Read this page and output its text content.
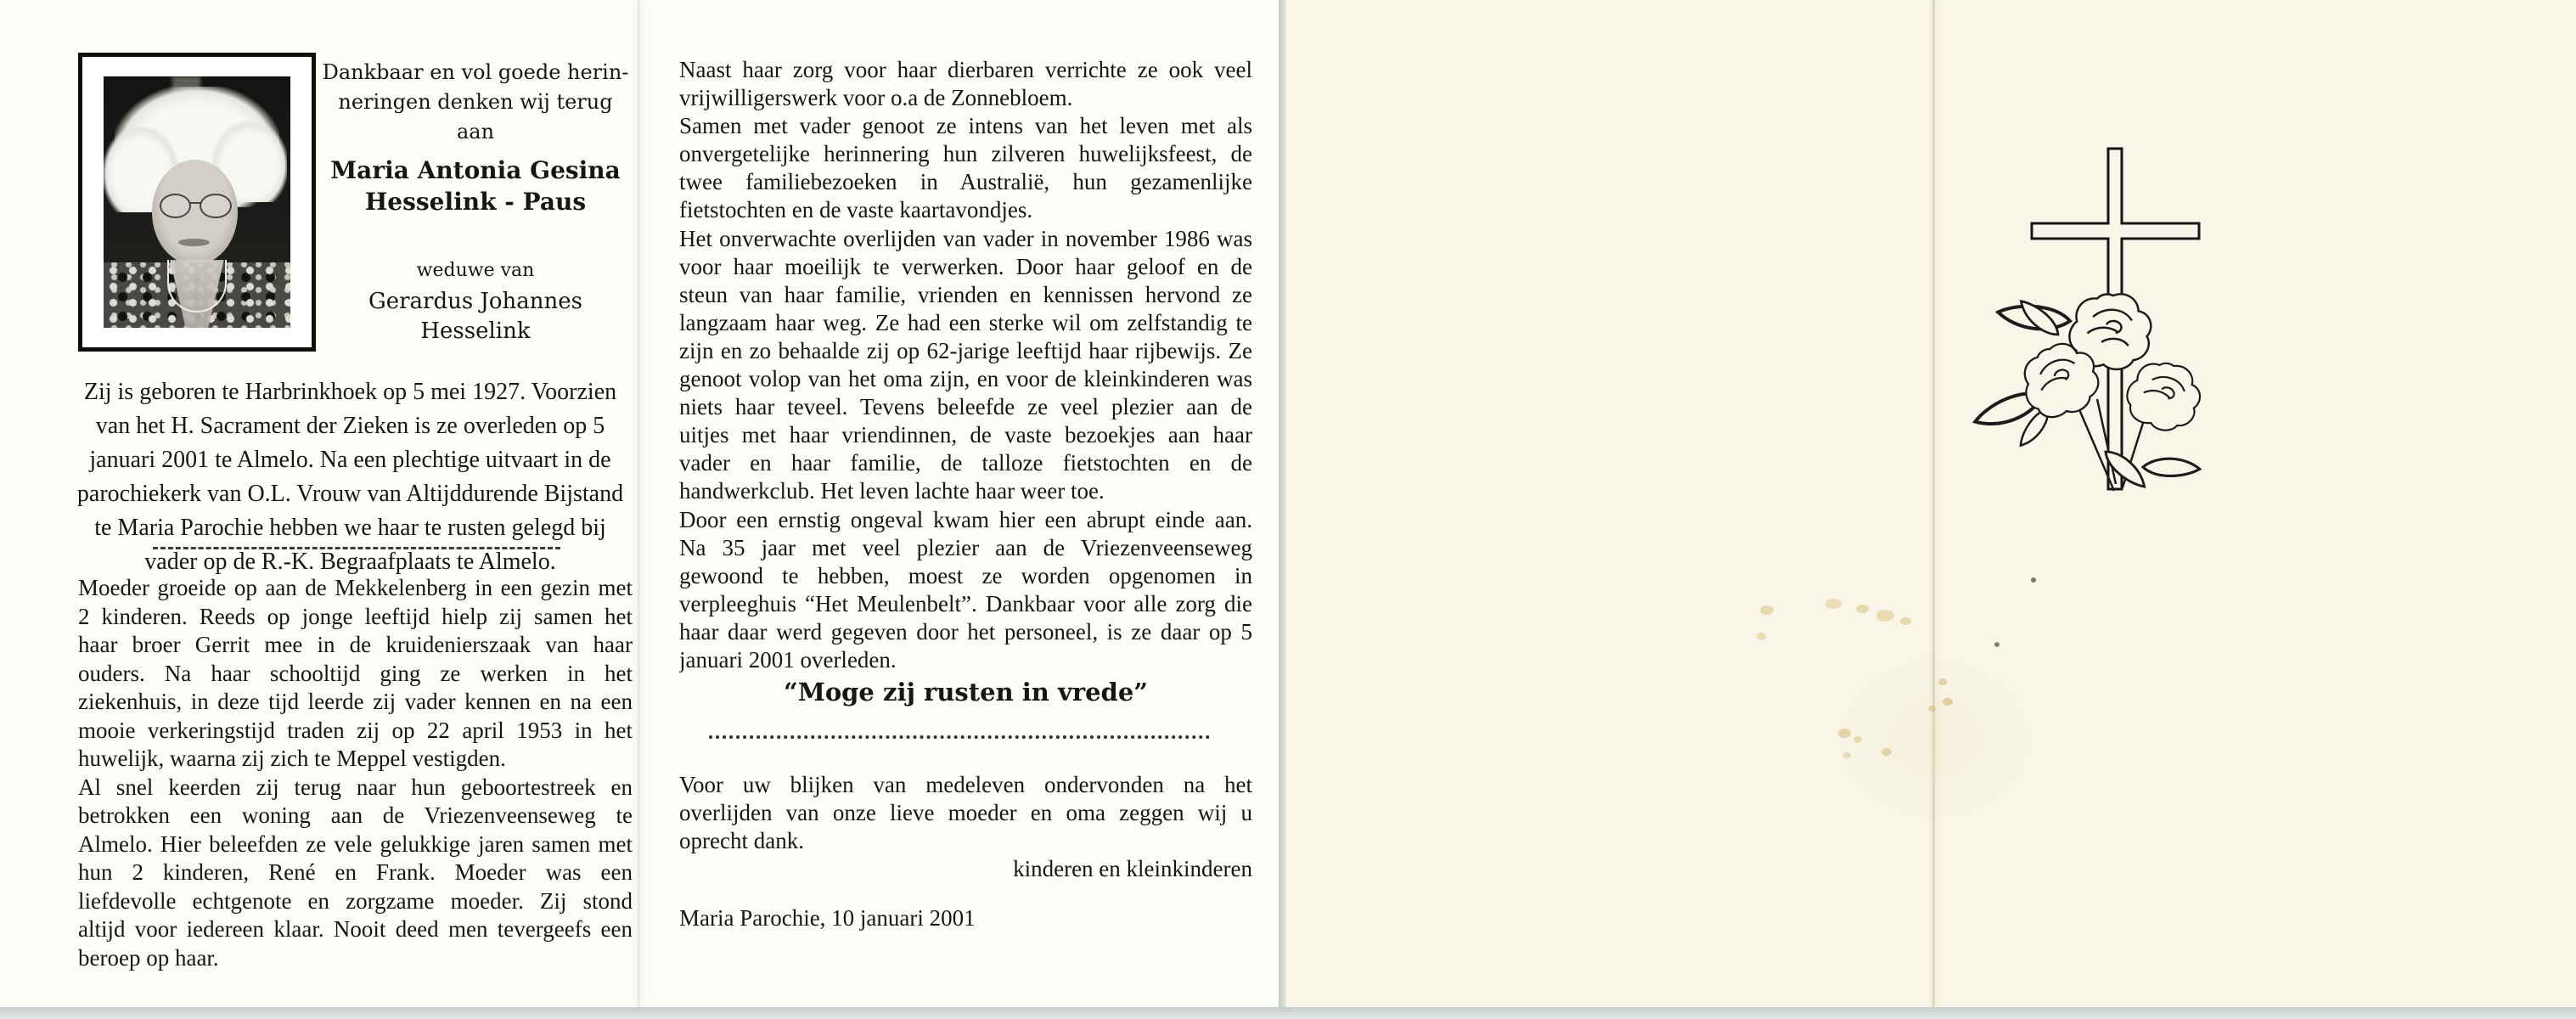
Dankbaar en vol goede herin-
neringen denken wij terug aan
Maria Antonia Gesina
Hesselink - Paus
weduwe van
Gerardus Johannes
Hesselink
Zij is geboren te Harbrinkhoek op 5 mei 1927. Voorzien
van het H. Sacrament der Zieken is ze overleden op 5
januari 2001 te Almelo. Na een plechtige uitvaart in de
parochiekerk van O.L. Vrouw van Altijddurende Bijstand
te Maria Parochie hebben we haar te rusten gelegd bij
vader op de R.-K. Begraafplaats te Almelo.
Moeder groeide op aan de Mekkelenberg in een gezin met
2 kinderen. Reeds op jonge leeftijd hielp zij samen het
haar broer Gerrit mee in de kruidenierszaak van haar
ouders. Na haar schooltijd ging ze werken in het
ziekenhuis, in deze tijd leerde zij vader kennen en na een
mooie verkeringstijd traden zij op 22 april 1953 in het
huwelijk, waarna zij zich te Meppel vestigden.
Al snel keerden zij terug naar hun geboortestreek en
betrokken een woning aan de Vriezenveenseweg te
Almelo. Hier beleefden ze vele gelukkige jaren samen met
hun 2 kinderen, René en Frank. Moeder was een
liefdevolle echtgenote en zorgzame moeder. Zij stond
altijd voor iedereen klaar. Nooit deed men tevergeefs een
beroep op haar.
Naast haar zorg voor haar dierbaren verrichte ze ook veel
vrijwilligerswerk voor o.a de Zonnebloem.
Samen met vader genoot ze intens van het leven met als
onvergetelijke herinnering hun zilveren huwelijksfeest, de
twee familiebezoeken in Australië, hun gezamenlijke
fietstochten en de vaste kaartavondjes.
Het onverwachte overlijden van vader in november 1986 was
voor haar moeilijk te verwerken. Door haar geloof en de
steun van haar familie, vrienden en kennissen hervond ze
langzaam haar weg. Ze had een sterke wil om zelfstandig te
zijn en zo behaalde zij op 62-jarige leeftijd haar rijbewijs. Ze
genoot volop van het oma zijn, en voor de kleinkinderen was
niets haar teveel. Tevens beleefde ze veel plezier aan de
uitjes met haar vriendinnen, de vaste bezoekjes aan haar
vader en haar familie, de talloze fietstochten en de
handwerkclub. Het leven lachte haar weer toe.
Door een ernstig ongeval kwam hier een abrupt einde aan.
Na 35 jaar met veel plezier aan de Vriezenveenseweg
gewoond te hebben, moest ze worden opgenomen in
verpleeghuis “Het Meulenbelt”. Dankbaar voor alle zorg die
haar daar werd gegeven door het personeel, is ze daar op 5
januari 2001 overleden.
“Moge zij rusten in vrede”
Voor uw blijken van medeleven ondervonden na het
overlijden van onze lieve moeder en oma zeggen wij u
oprecht dank.
kinderen en kleinkinderen
Maria Parochie, 10 januari 2001
